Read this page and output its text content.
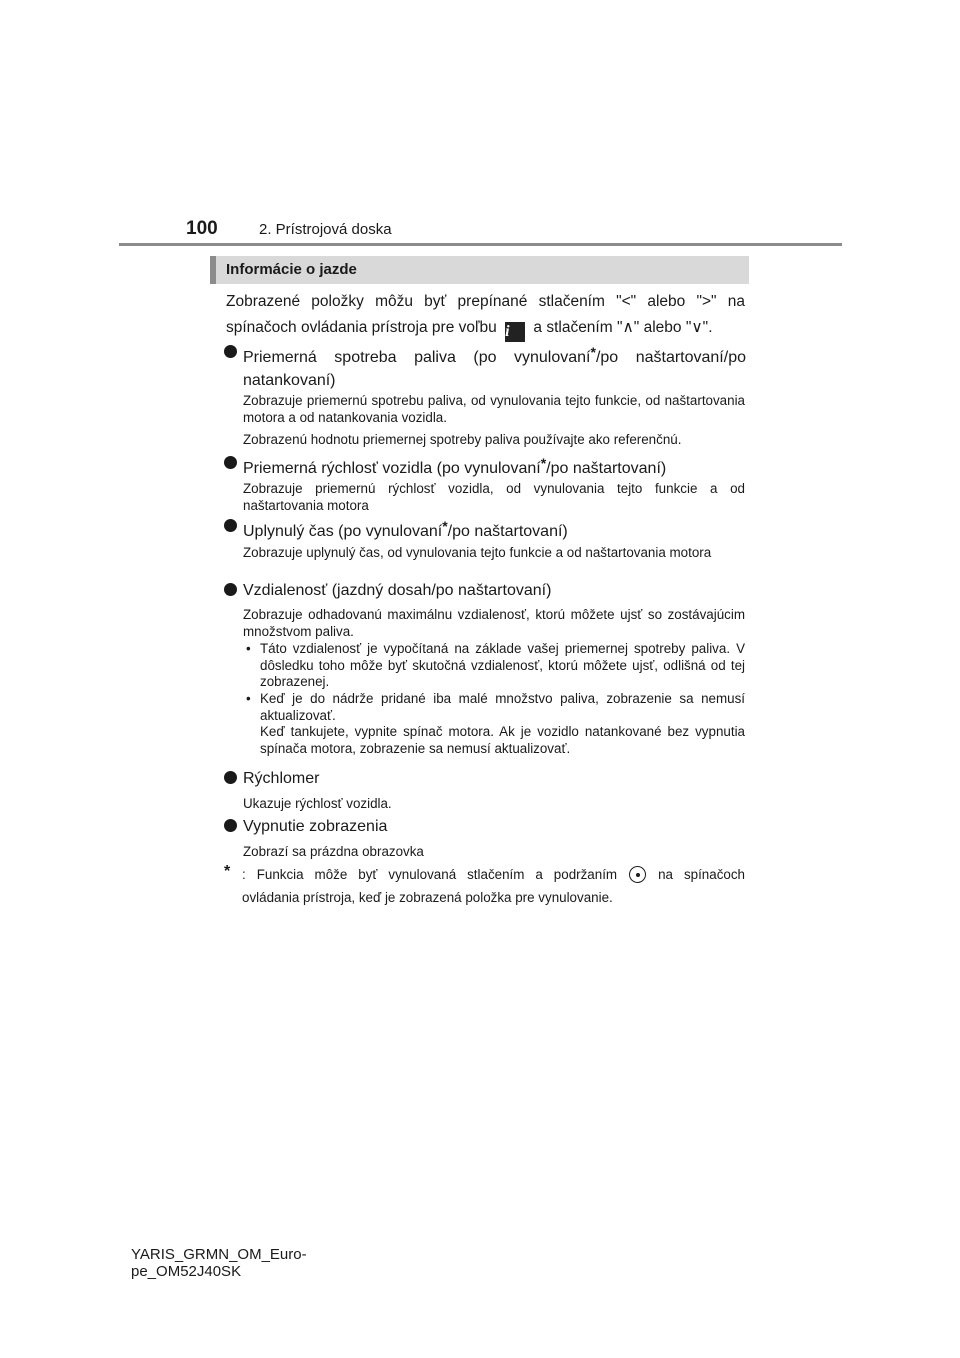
100	2. Prístrojová doska
Informácie o jazde
Zobrazené položky môžu byť prepínané stlačením "<" alebo ">" na spínačoch ovládania prístroja pre voľbu i a stlačením "∧" alebo "∨".
Priemerná spotreba paliva (po vynulovaní*/po naštartovaní/po natankovaní)
Zobrazuje priemernú spotrebu paliva, od vynulovania tejto funkcie, od naštartovania motora a od natankovania vozidla.
Zobrazenú hodnotu priemernej spotreby paliva používajte ako referenčnú.
Priemerná rýchlosť vozidla (po vynulovaní*/po naštartovaní)
Zobrazuje priemernú rýchlosť vozidla, od vynulovania tejto funkcie a od naštartovania motora
Uplynulý čas (po vynulovaní*/po naštartovaní)
Zobrazuje uplynulý čas, od vynulovania tejto funkcie a od naštartovania motora
Vzdialenosť (jazdný dosah/po naštartovaní)
Zobrazuje odhadovanú maximálnu vzdialenosť, ktorú môžete ujsť so zostávajúcim množstvom paliva.
• Táto vzdialenosť je vypočítaná na základe vašej priemernej spotreby paliva. V dôsledku toho môže byť skutočná vzdialenosť, ktorú môžete ujsť, odlišná od tej zobrazenej.
• Keď je do nádrže pridané iba malé množstvo paliva, zobrazenie sa nemusí aktualizovať.
Keď tankujete, vypnite spínač motora. Ak je vozidlo natankované bez vypnutia spínača motora, zobrazenie sa nemusí aktualizovať.
Rýchlomer
Ukazuje rýchlosť vozidla.
Vypnutie zobrazenia
Zobrazí sa prázdna obrazovka
* : Funkcia môže byť vynulovaná stlačením a podržaním	na spínačoch ovládania prístroja, keď je zobrazená položka pre vynulovanie.
YARIS_GRMN_OM_Euro-
pe_OM52J40SK
